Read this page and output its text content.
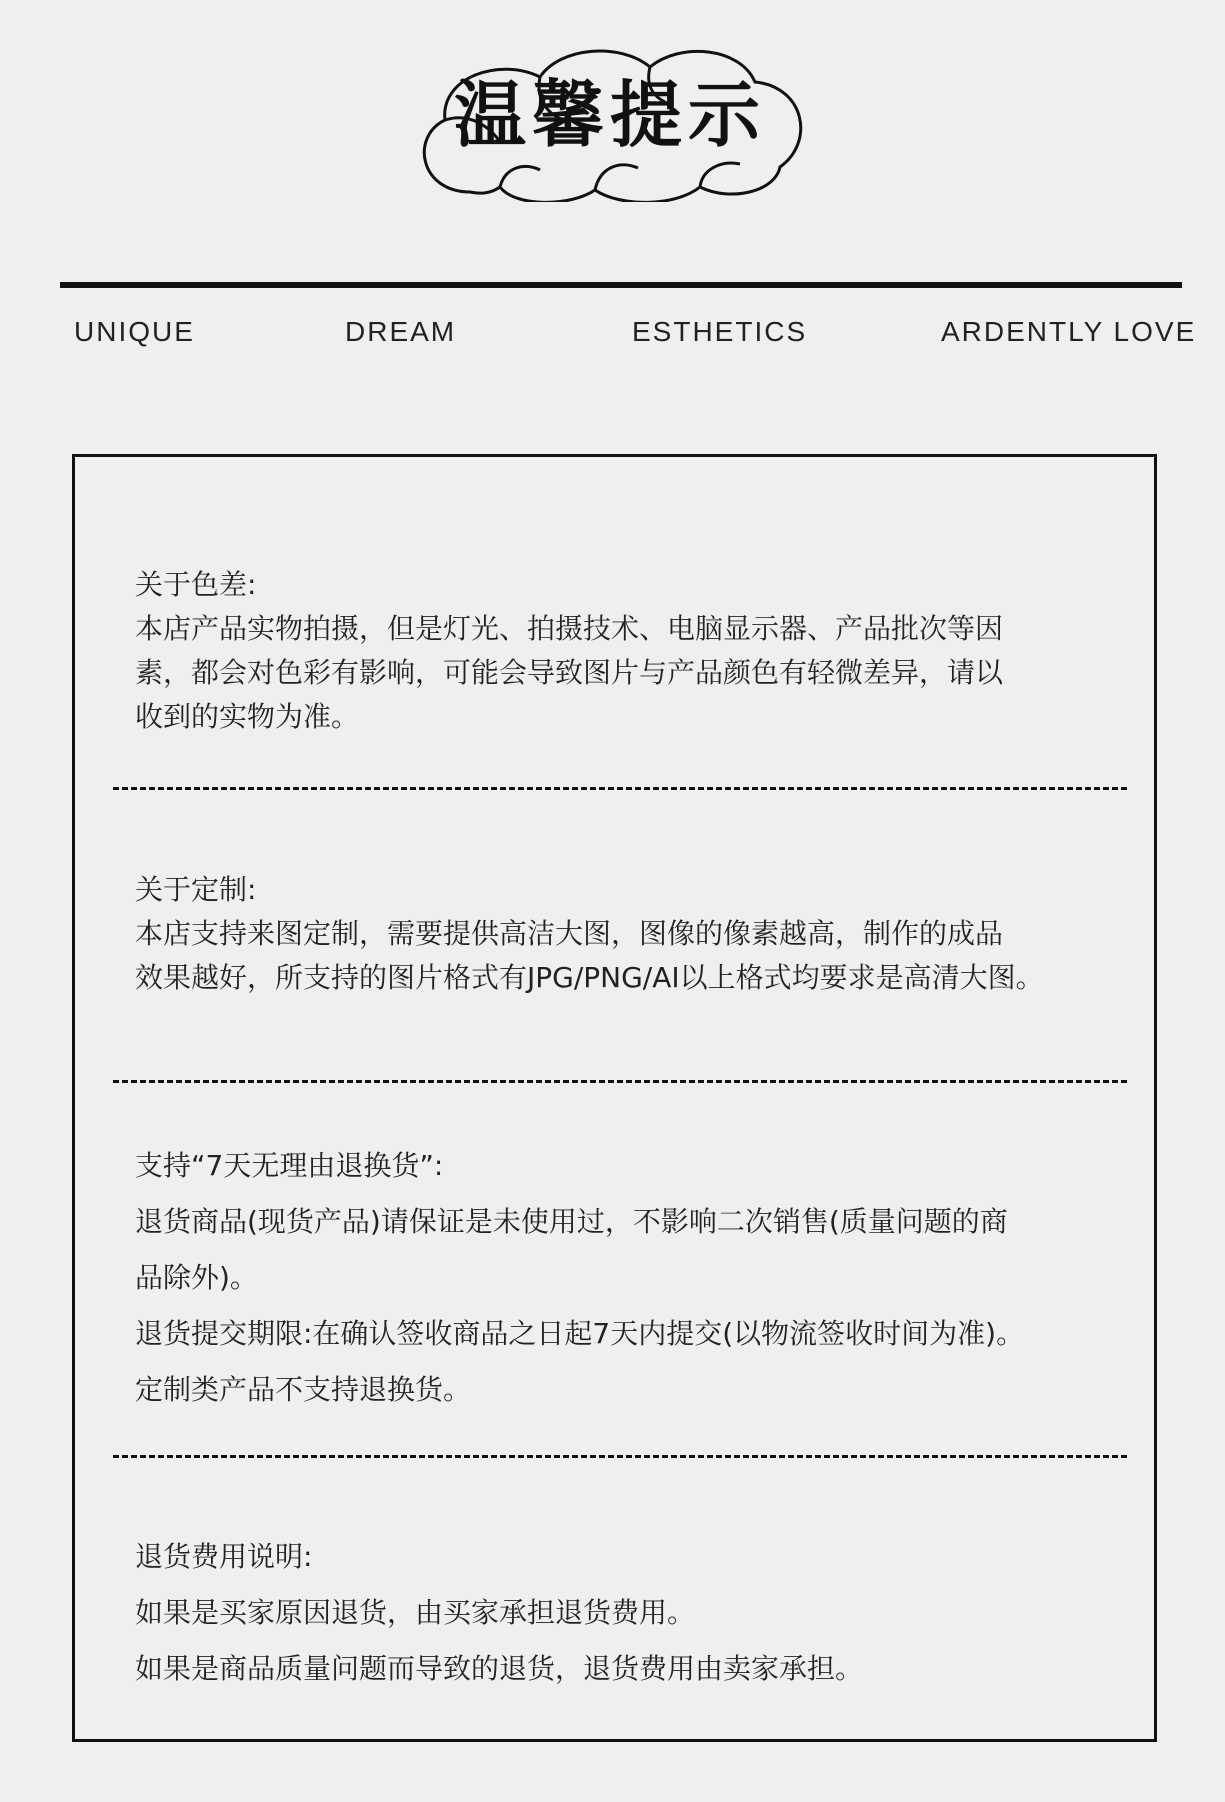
温馨提示
UNIQUE	DREAM	ESTHETICS	ARDENTLY LOVE

关于色差:

本店产品实物拍摄，但是灯光、拍摄技术、电脑显示器、产品批次等因

素，都会对色彩有影响，可能会导致图片与产品颜色有轻微差异，请以

收到的实物为准。

关于定制:

本店支持来图定制，需要提供高洁大图，图像的像素越高，制作的成品

效果越好，所支持的图片格式有JPG/PNG/AI以上格式均要求是高清大图。

支持“7天无理由退换货”:

退货商品(现货产品)请保证是未使用过，不影响二次销售(质量问题的商

品除外)。

退货提交期限:在确认签收商品之日起7天内提交(以物流签收时间为准)。

定制类产品不支持退换货。

退货费用说明:

如果是买家原因退货，由买家承担退货费用。

如果是商品质量问题而导致的退货，退货费用由卖家承担。
